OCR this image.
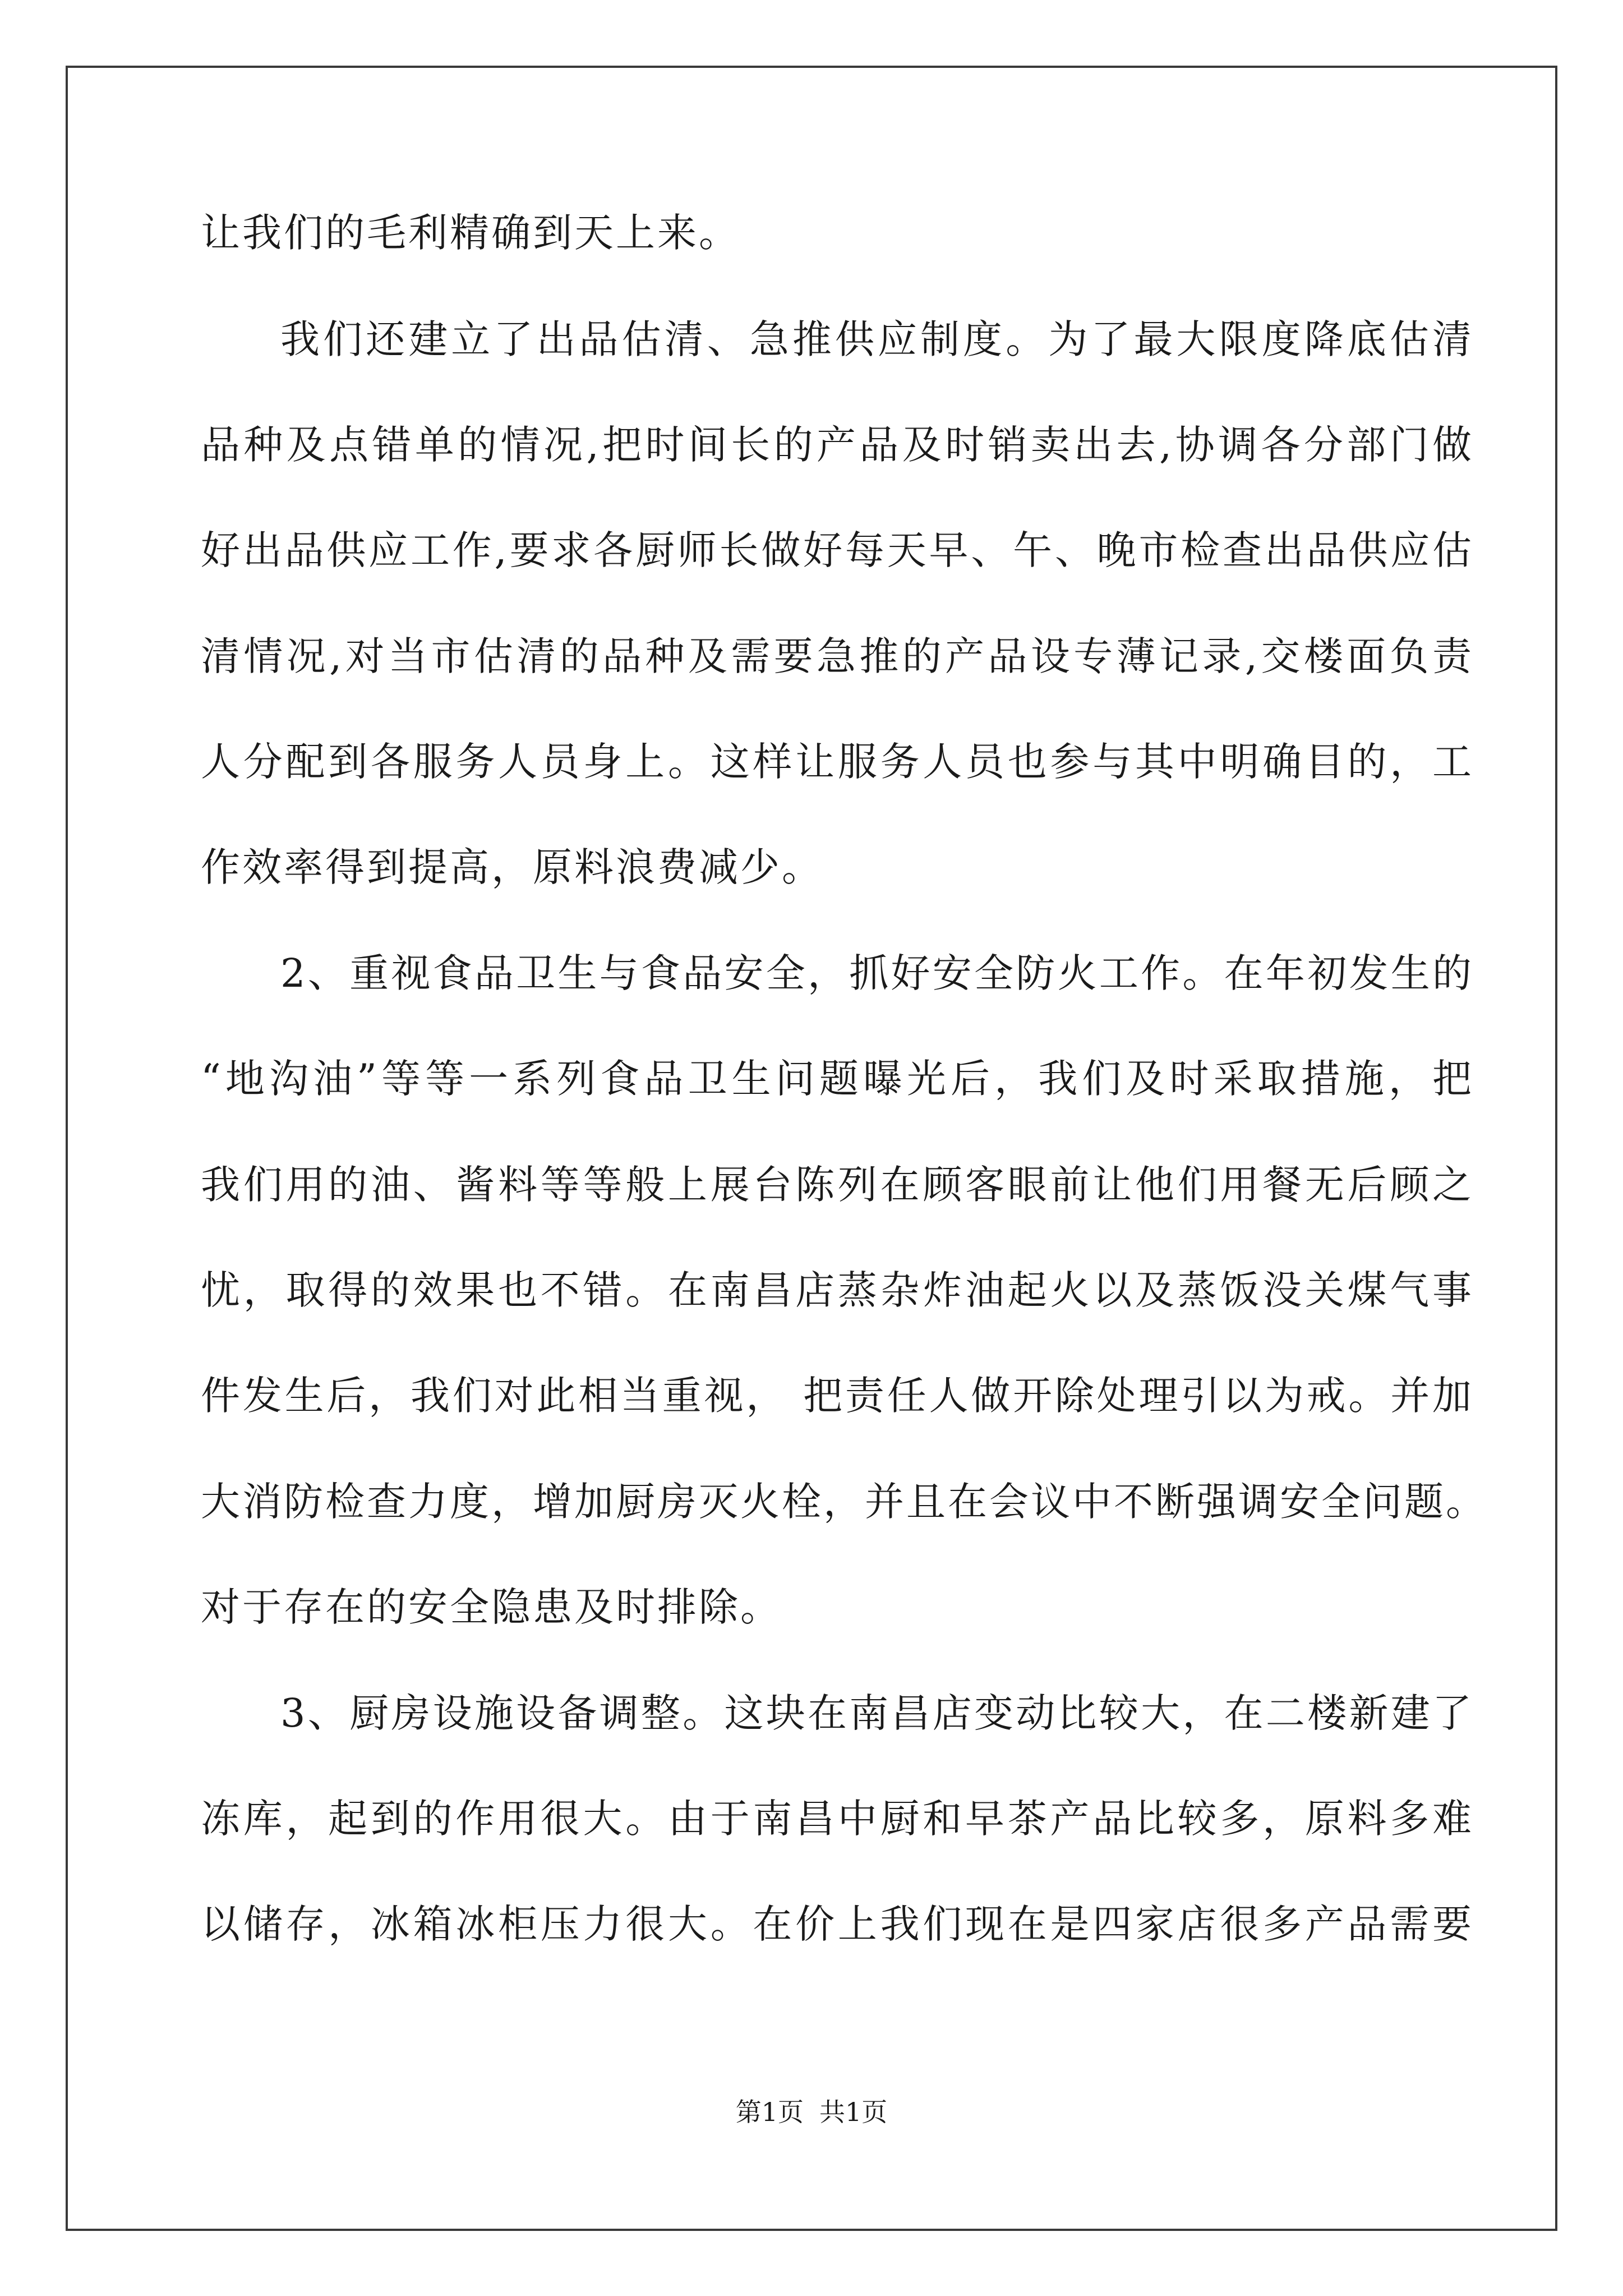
让我们的毛利精确到天上来。
我们还建立了出品估清、急推供应制度。为了最大限度降底估清
品种及点错单的情况,把时间长的产品及时销卖出去,协调各分部门做
好出品供应工作,要求各厨师长做好每天早、午、晚市检查出品供应估
清情况,对当市估清的品种及需要急推的产品设专薄记录,交楼面负责
人分配到各服务人员身上。这样让服务人员也参与其中明确目的，工
作效率得到提高，原料浪费减少。
2、重视食品卫生与食品安全，抓好安全防火工作。在年初发生的
“地沟油”等等一系列食品卫生问题曝光后，我们及时采取措施，把
我们用的油、酱料等等般上展台陈列在顾客眼前让他们用餐无后顾之
忧，取得的效果也不错。在南昌店蒸杂炸油起火以及蒸饭没关煤气事
件发生后，我们对此相当重视， 把责任人做开除处理引以为戒。并加
大消防检查力度，增加厨房灭火栓，并且在会议中不断强调安全问题。
对于存在的安全隐患及时排除。
3、厨房设施设备调整。这块在南昌店变动比较大，在二楼新建了
冻库，起到的作用很大。由于南昌中厨和早茶产品比较多，原料多难
以储存，冰箱冰柜压力很大。在价上我们现在是四家店很多产品需要
第1页 共1页
